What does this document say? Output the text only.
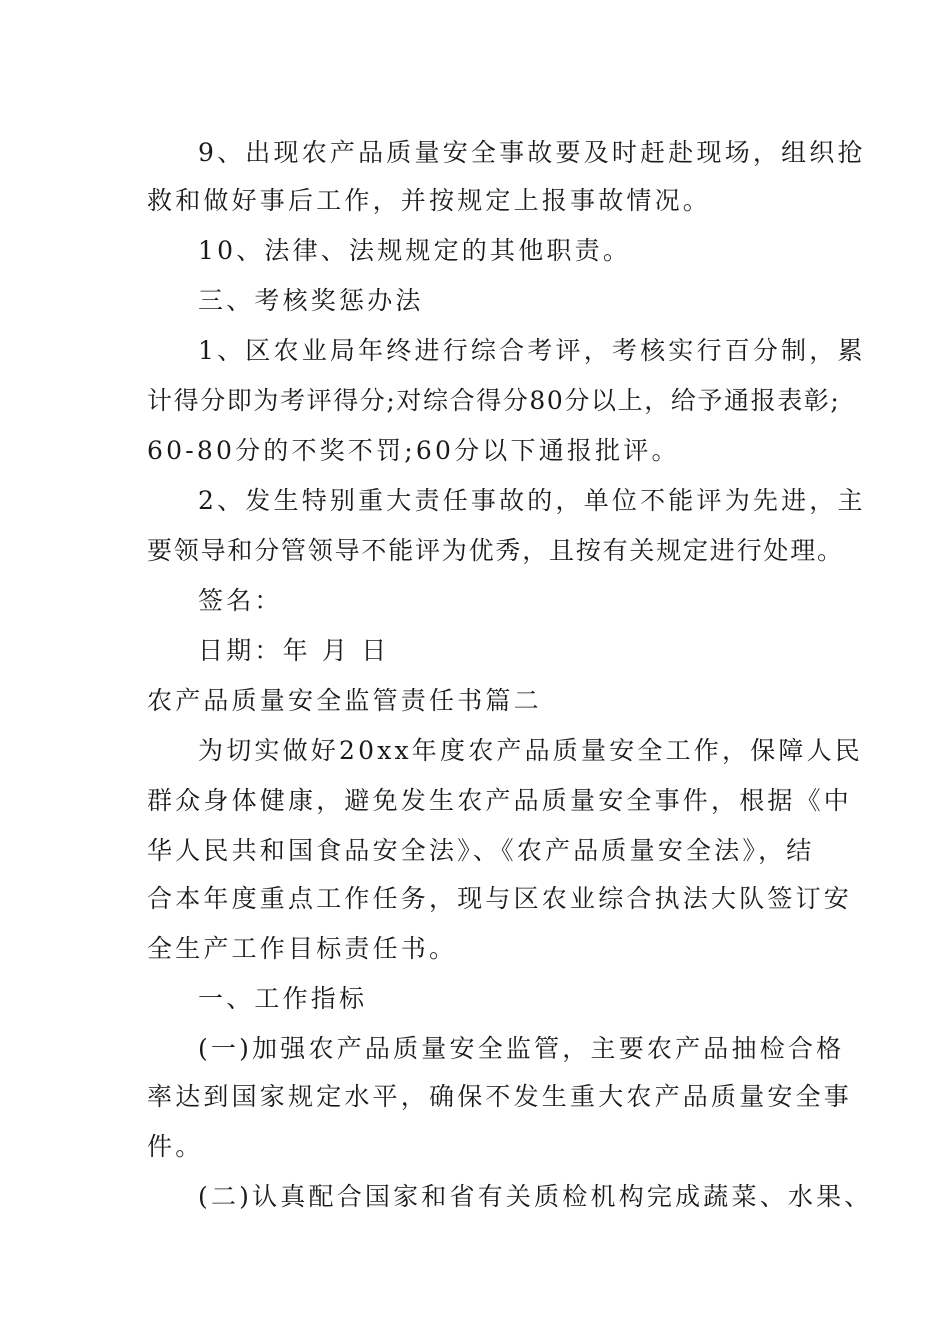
9、出现农产品质量安全事故要及时赶赴现场，组织抢
救和做好事后工作，并按规定上报事故情况。
10、法律、法规规定的其他职责。
三、考核奖惩办法
1、区农业局年终进行综合考评，考核实行百分制，累
计得分即为考评得分;对综合得分80分以上，给予通报表彰;
60-80分的不奖不罚;60分以下通报批评。
2、发生特别重大责任事故的，单位不能评为先进，主
要领导和分管领导不能评为优秀，且按有关规定进行处理。
签名：
日期：年 月 日
农产品质量安全监管责任书篇二
为切实做好20xx年度农产品质量安全工作，保障人民
群众身体健康，避免发生农产品质量安全事件，根据《中
华人民共和国食品安全法》、《农产品质量安全法》，结
合本年度重点工作任务，现与区农业综合执法大队签订安
全生产工作目标责任书。
一、工作指标
(一)加强农产品质量安全监管，主要农产品抽检合格
率达到国家规定水平，确保不发生重大农产品质量安全事
件。
(二)认真配合国家和省有关质检机构完成蔬菜、水果、
